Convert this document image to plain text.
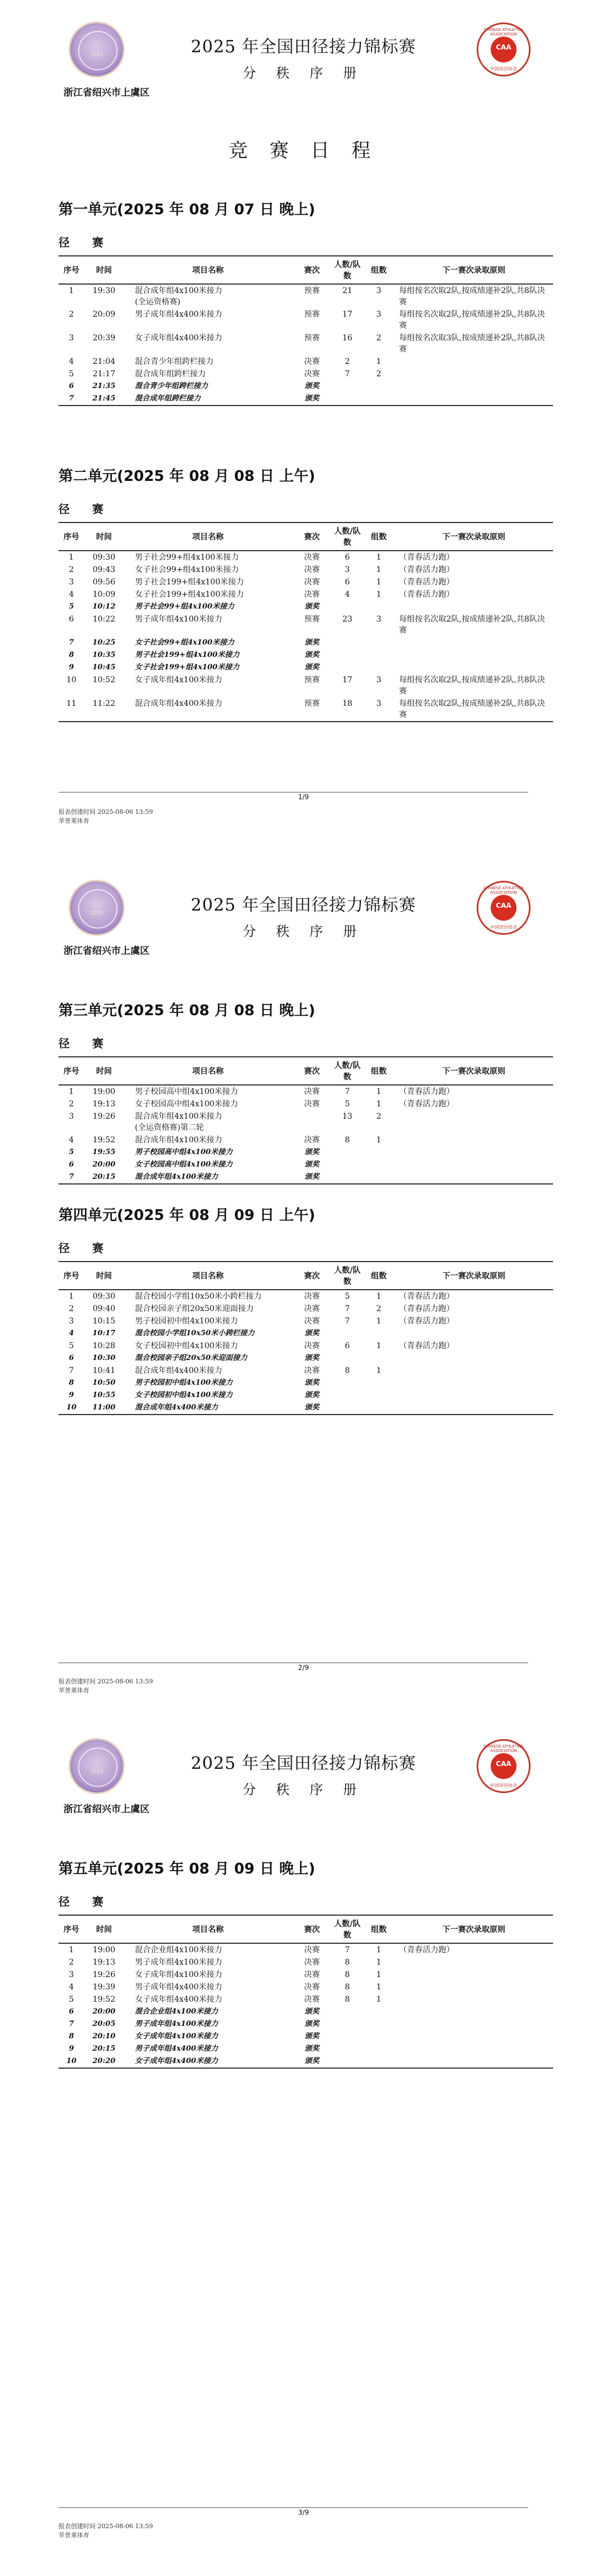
2025
浙江省绍兴市上虞区
2025 年全国田径接力锦标赛
分 秩 序 册
CHINESE ATHLETICS ASSOCIATION
CAA
中国田径协会
竞 赛 日 程
第一单元(2025 年 08 月 07 日 晚上)
径　赛
序号	时间	项目名称	赛次	人数/队数	组数	下一赛次录取原则
1	19:30	混合成年组4x100米接力
(全运资格赛)	预赛	21	3	每组按名次取2队,按成绩递补2队,共8队决赛
2	20:09	男子成年组4x400米接力	预赛	17	3	每组按名次取2队,按成绩递补2队,共8队决赛
3	20:39	女子成年组4x400米接力	预赛	16	2	每组按名次取3队,按成绩递补2队,共8队决赛
4	21:04	混合青少年组跨栏接力	决赛	2	1	
5	21:17	混合成年组跨栏接力	决赛	7	2	
6	21:35	混合青少年组跨栏接力	颁奖			
7	21:45	混合成年组跨栏接力	颁奖			
第二单元(2025 年 08 月 08 日 上午)
径　赛
序号	时间	项目名称	赛次	人数/队数	组数	下一赛次录取原则
1	09:30	男子社会99+组4x100米接力	决赛	6	1	（青春活力跑）
2	09:43	女子社会99+组4x100米接力	决赛	3	1	（青春活力跑）
3	09:56	男子社会199+组4x100米接力	决赛	6	1	（青春活力跑）
4	10:09	女子社会199+组4x100米接力	决赛	4	1	（青春活力跑）
5	10:12	男子社会99+组4x100米接力	颁奖			
6	10:22	男子成年组4x100米接力	预赛	23	3	每组按名次取2队,按成绩递补2队,共8队决赛
7	10:25	女子社会99+组4x100米接力	颁奖			
8	10:35	男子社会199+组4x100米接力	颁奖			
9	10:45	女子社会199+组4x100米接力	颁奖			
10	10:52	女子成年组4x100米接力	预赛	17	3	每组按名次取2队,按成绩递补2队,共8队决赛
11	11:22	混合成年组4x400米接力	预赛	18	3	每组按名次取2队,按成绩递补2队,共8队决赛
1/9
报表创建时间 2025-08-06 13:59
莘普莱体育
2025
浙江省绍兴市上虞区
2025 年全国田径接力锦标赛
分 秩 序 册
CHINESE ATHLETICS ASSOCIATION
CAA
中国田径协会
第三单元(2025 年 08 月 08 日 晚上)
径　赛
序号	时间	项目名称	赛次	人数/队数	组数	下一赛次录取原则
1	19:00	男子校园高中组4x100米接力	决赛	7	1	（青春活力跑）
2	19:13	女子校园高中组4x100米接力	决赛	5	1	（青春活力跑）
3	19:26	混合成年组4x100米接力
(全运资格赛)第二轮		13	2	
4	19:52	混合成年组4x100米接力	决赛	8	1	
5	19:55	男子校园高中组4x100米接力	颁奖			
6	20:00	女子校园高中组4x100米接力	颁奖			
7	20:15	混合成年组4x100米接力	颁奖			
第四单元(2025 年 08 月 09 日 上午)
径　赛
序号	时间	项目名称	赛次	人数/队数	组数	下一赛次录取原则
1	09:30	混合校园小学组10x50米小跨栏接力	决赛	5	1	（青春活力跑）
2	09:40	混合校园亲子组20x50米迎面接力	决赛	7	2	（青春活力跑）
3	10:15	男子校园初中组4x100米接力	决赛	7	1	（青春活力跑）
4	10:17	混合校园小学组10x50米小跨栏接力	颁奖			
5	10:28	女子校园初中组4x100米接力	决赛	6	1	（青春活力跑）
6	10:30	混合校园亲子组20x50米迎面接力	颁奖			
7	10:41	混合成年组4x400米接力	决赛	8	1	
8	10:50	男子校园初中组4x100米接力	颁奖			
9	10:55	女子校园初中组4x100米接力	颁奖			
10	11:00	混合成年组4x400米接力	颁奖			
2/9
报表创建时间 2025-08-06 13:59
莘普莱体育
2025
浙江省绍兴市上虞区
2025 年全国田径接力锦标赛
分 秩 序 册
CHINESE ATHLETICS ASSOCIATION
CAA
中国田径协会
第五单元(2025 年 08 月 09 日 晚上)
径　赛
序号	时间	项目名称	赛次	人数/队数	组数	下一赛次录取原则
1	19:00	混合企业组4x100米接力	决赛	7	1	（青春活力跑）
2	19:13	男子成年组4x100米接力	决赛	8	1	
3	19:26	女子成年组4x100米接力	决赛	8	1	
4	19:39	男子成年组4x400米接力	决赛	8	1	
5	19:52	女子成年组4x400米接力	决赛	8	1	
6	20:00	混合企业组4x100米接力	颁奖			
7	20:05	男子成年组4x100米接力	颁奖			
8	20:10	女子成年组4x100米接力	颁奖			
9	20:15	男子成年组4x400米接力	颁奖			
10	20:20	女子成年组4x400米接力	颁奖			
3/9
报表创建时间 2025-08-06 13:59
莘普莱体育
